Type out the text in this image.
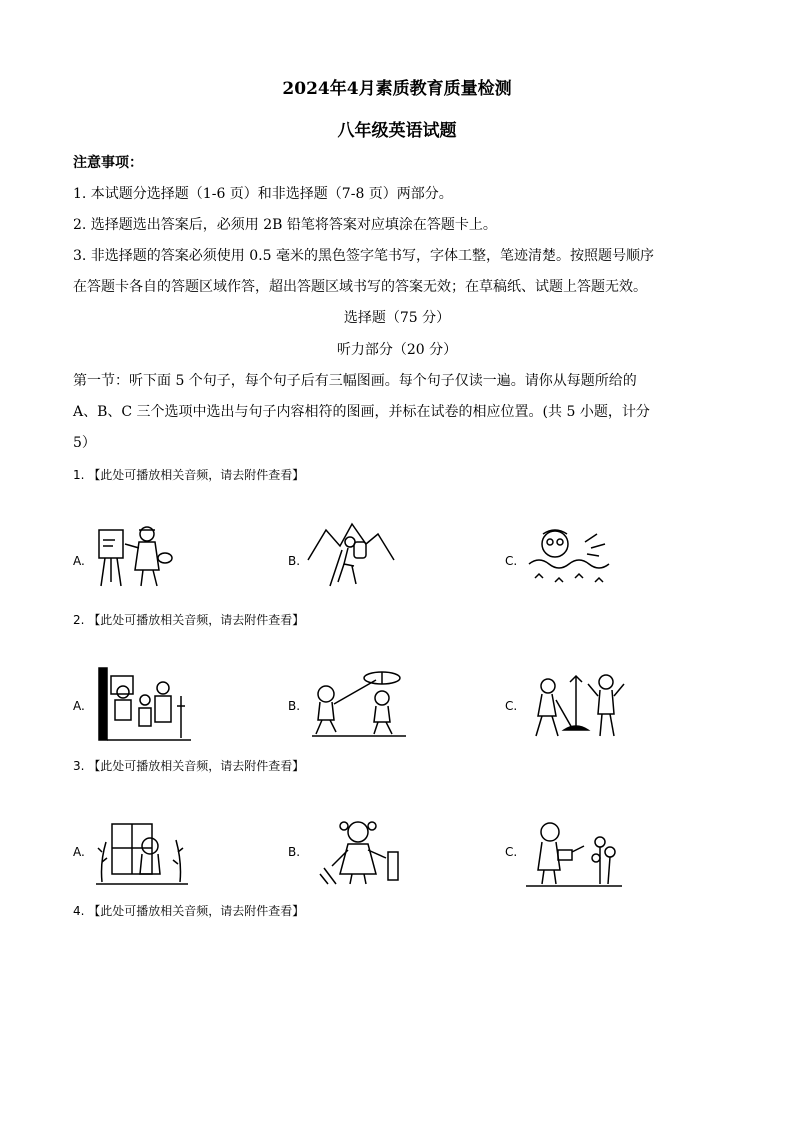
2024年4月素质教育质量检测
八年级英语试题
注意事项：
1. 本试题分选择题（1-6 页）和非选择题（7-8 页）两部分。
2. 选择题选出答案后，必须用 2B 铅笔将答案对应填涂在答题卡上。
3. 非选择题的答案必须使用 0.5 毫米的黑色签字笔书写，字体工整，笔迹清楚。按照题号顺序
在答题卡各自的答题区域作答，超出答题区域书写的答案无效；在草稿纸、试题上答题无效。
选择题（75 分）
听力部分（20 分）
第一节：听下面 5 个句子，每个句子后有三幅图画。每个句子仅读一遍。请你从每题所给的
A、B、C 三个选项中选出与句子内容相符的图画，并标在试卷的相应位置。(共 5 小题，计分
5）
1. 【此处可播放相关音频，请去附件查看】
A.	B.	C.
2. 【此处可播放相关音频，请去附件查看】
A.	B.	C.
3. 【此处可播放相关音频，请去附件查看】
A.	B.	C.
4. 【此处可播放相关音频，请去附件查看】
